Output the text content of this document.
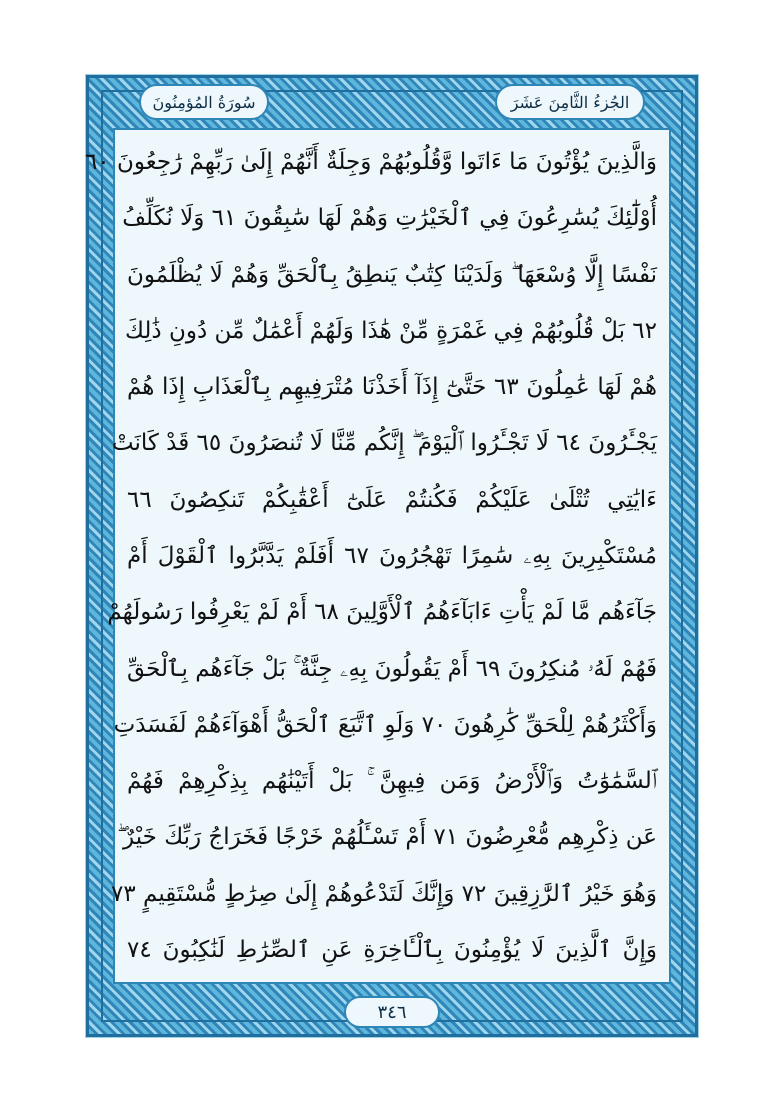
سُورَةُ المُؤمِنُونَ	الجُزءُ الثَّامِنَ عَشَرَ
وَالَّذِينَ يُؤْتُونَ مَا ءَاتَوا وَّقُلُوبُهُمْ وَجِلَةٌ أَنَّهُمْ إِلَىٰ رَبِّهِمْ رَٰجِعُونَ ٦٠
أُوْلَٰٓئِكَ يُسَٰرِعُونَ فِي ٱلْخَيْرَٰتِ وَهُمْ لَهَا سَٰبِقُونَ ٦١ وَلَا نُكَلِّفُ
نَفْسًا إِلَّا وُسْعَهَا ۖ وَلَدَيْنَا كِتَٰبٌ يَنطِقُ بِٱلْحَقِّ وَهُمْ لَا يُظْلَمُونَ
٦٢ بَلْ قُلُوبُهُمْ فِي غَمْرَةٍ مِّنْ هَٰذَا وَلَهُمْ أَعْمَٰلٌ مِّن دُونِ ذَٰلِكَ
هُمْ لَهَا عَٰمِلُونَ ٦٣ حَتَّىٰٓ إِذَآ أَخَذْنَا مُتْرَفِيهِم بِٱلْعَذَابِ إِذَا هُمْ
يَجْـَٔرُونَ ٦٤ لَا تَجْـَٔرُوا ٱلْيَوْمَ ۖ إِنَّكُم مِّنَّا لَا تُنصَرُونَ ٦٥ قَدْ كَانَتْ
ءَايَٰتِي تُتْلَىٰ عَلَيْكُمْ فَكُنتُمْ عَلَىٰٓ أَعْقَٰبِكُمْ تَنكِصُونَ ٦٦
مُسْتَكْبِرِينَ بِهِۦ سَٰمِرًا تَهْجُرُونَ ٦٧ أَفَلَمْ يَدَّبَّرُوا ٱلْقَوْلَ أَمْ
جَآءَهُم مَّا لَمْ يَأْتِ ءَابَآءَهُمُ ٱلْأَوَّلِينَ ٦٨ أَمْ لَمْ يَعْرِفُوا رَسُولَهُمْ
فَهُمْ لَهُۥ مُنكِرُونَ ٦٩ أَمْ يَقُولُونَ بِهِۦ جِنَّةٌ ۚ بَلْ جَآءَهُم بِٱلْحَقِّ
وَأَكْثَرُهُمْ لِلْحَقِّ كَٰرِهُونَ ٧٠ وَلَوِ ٱتَّبَعَ ٱلْحَقُّ أَهْوَآءَهُمْ لَفَسَدَتِ
ٱلسَّمَٰوَٰتُ وَٱلْأَرْضُ وَمَن فِيهِنَّ ۚ بَلْ أَتَيْنَٰهُم بِذِكْرِهِمْ فَهُمْ
عَن ذِكْرِهِم مُّعْرِضُونَ ٧١ أَمْ تَسْـَٔلُهُمْ خَرْجًا فَخَرَاجُ رَبِّكَ خَيْرٌ ۖ
وَهُوَ خَيْرُ ٱلرَّٰزِقِينَ ٧٢ وَإِنَّكَ لَتَدْعُوهُمْ إِلَىٰ صِرَٰطٍ مُّسْتَقِيمٍ ٧٣
وَإِنَّ ٱلَّذِينَ لَا يُؤْمِنُونَ بِٱلْـَٔاخِرَةِ عَنِ ٱلصِّرَٰطِ لَنَٰكِبُونَ ٧٤
٣٤٦
